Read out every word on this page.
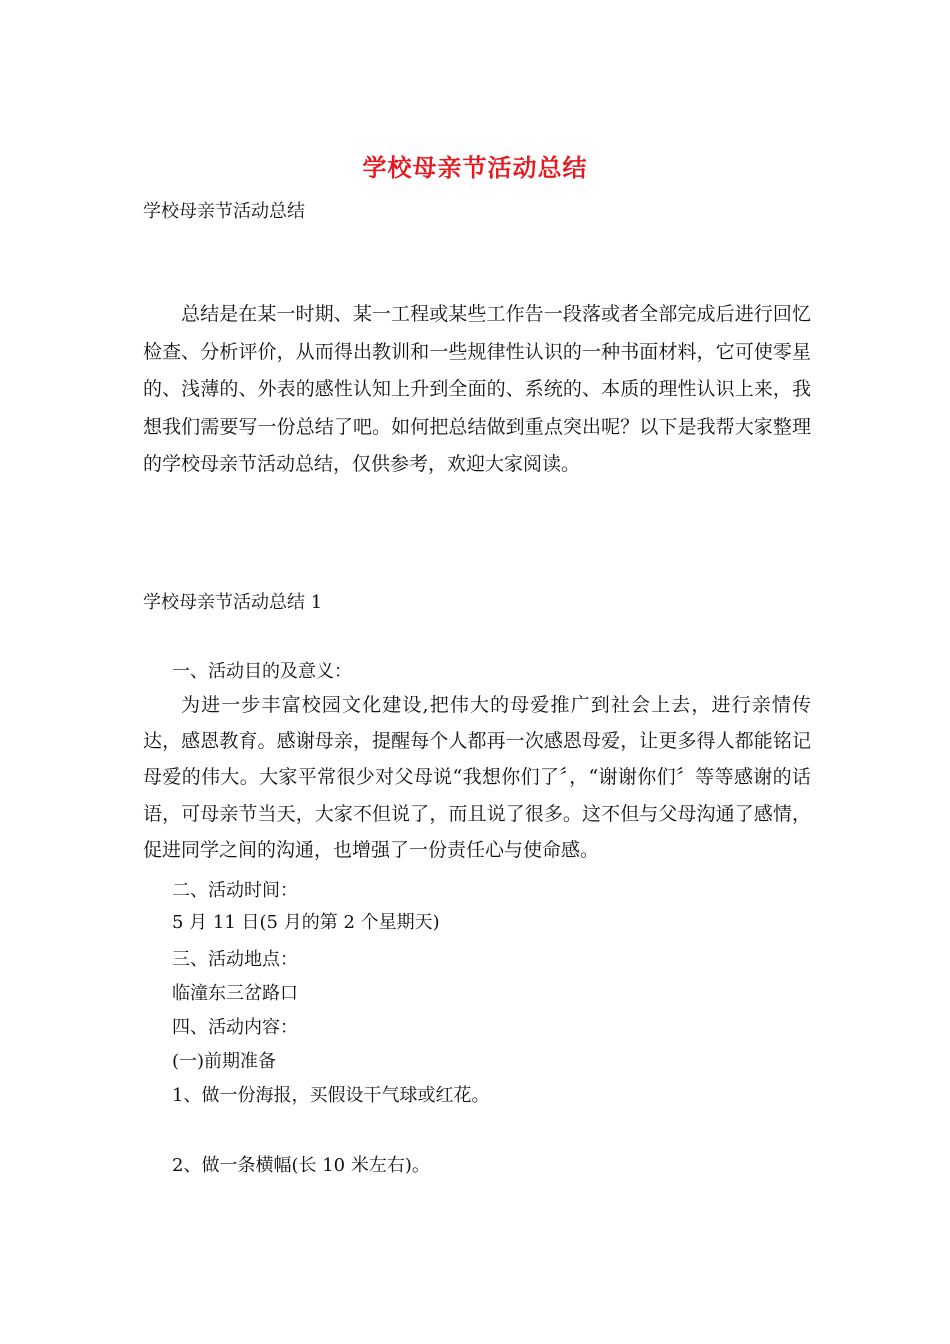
学校母亲节活动总结
学校母亲节活动总结
总结是在某一时期、某一工程或某些工作告一段落或者全部完成后进行回忆检查、分析评价，从而得出教训和一些规律性认识的一种书面材料，它可使零星的、浅薄的、外表的感性认知上升到全面的、系统的、本质的理性认识上来，我想我们需要写一份总结了吧。如何把总结做到重点突出呢？以下是我帮大家整理的学校母亲节活动总结，仅供参考，欢迎大家阅读。
学校母亲节活动总结 1
一、活动目的及意义：
为进一步丰富校园文化建设,把伟大的母爱推广到社会上去，进行亲情传达，感恩教育。感谢母亲，提醒每个人都再一次感恩母爱，让更多得人都能铭记母爱的伟大。大家平常很少对父母说“我想你们了〞，“谢谢你们〞等等感谢的话语，可母亲节当天，大家不但说了，而且说了很多。这不但与父母沟通了感情，促进同学之间的沟通，也增强了一份责任心与使命感。
二、活动时间：
5 月 11 日(5 月的第 2 个星期天)
三、活动地点：
临潼东三岔路口
四、活动内容：
(一)前期准备
1、做一份海报，买假设干气球或红花。
2、做一条横幅(长 10 米左右)。
